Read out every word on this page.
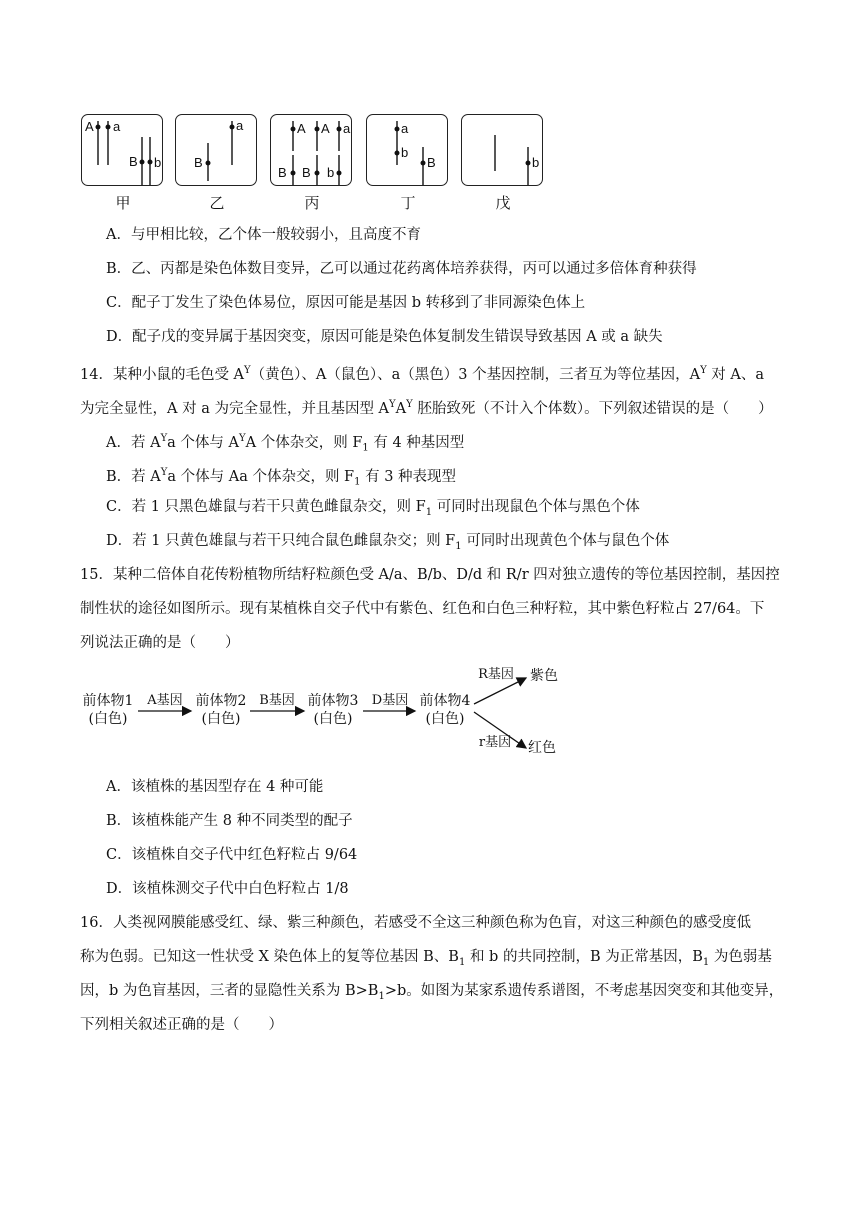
A a
B b	B
a	A A a
B B b
a
b
B	b
甲	乙	丙	丁	戊
A．与甲相比较，乙个体一般较弱小，且高度不育
B．乙、丙都是染色体数目变异，乙可以通过花药离体培养获得，丙可以通过多倍体育种获得
C．配子丁发生了染色体易位，原因可能是基因 b 转移到了非同源染色体上
D．配子戊的变异属于基因突变，原因可能是染色体复制发生错误导致基因 A 或 a 缺失
14．某种小鼠的毛色受 $A^Y$（黄色）、A（鼠色）、a（黑色）3 个基因控制，三者互为等位基因，$A^Y$ 对 A、a
为完全显性，A 对 a 为完全显性，并且基因型 $A^YA^Y$ 胚胎致死（不计入个体数）。下列叙述错误的是（　　）
A．若 $A^Ya$ 个体与 $A^YA$ 个体杂交，则 $F_1$ 有 4 种基因型
B．若 $A^Ya$ 个体与 Aa 个体杂交，则 $F_1$ 有 3 种表现型
C．若 1 只黑色雄鼠与若干只黄色雌鼠杂交，则 $F_1$ 可同时出现鼠色个体与黑色个体
D．若 1 只黄色雄鼠与若干只纯合鼠色雌鼠杂交；则 $F_1$ 可同时出现黄色个体与鼠色个体
15．某种二倍体自花传粉植物所结籽粒颜色受 A/a、B/b、D/d 和 R/r 四对独立遗传的等位基因控制，基因控
制性状的途径如图所示。现有某植株自交子代中有紫色、红色和白色三种籽粒，其中紫色籽粒占 27/64。下
列说法正确的是（　　）
前体物1
(白色)
前体物2
(白色)
前体物3
(白色)
前体物4
(白色)
A基因	B基因	D基因
R基因	紫色
r基因	红色
A．该植株的基因型存在 4 种可能
B．该植株能产生 8 种不同类型的配子
C．该植株自交子代中红色籽粒占 9/64
D．该植株测交子代中白色籽粒占 1/8
16．人类视网膜能感受红、绿、紫三种颜色，若感受不全这三种颜色称为色盲，对这三种颜色的感受度低
称为色弱。已知这一性状受 X 染色体上的复等位基因 B、$B_1$ 和 b 的共同控制，B 为正常基因，$B_1$ 为色弱基
因，b 为色盲基因，三者的显隐性关系为 $B>B_1>b$。如图为某家系遗传系谱图，不考虑基因突变和其他变异，
下列相关叙述正确的是（　　）
